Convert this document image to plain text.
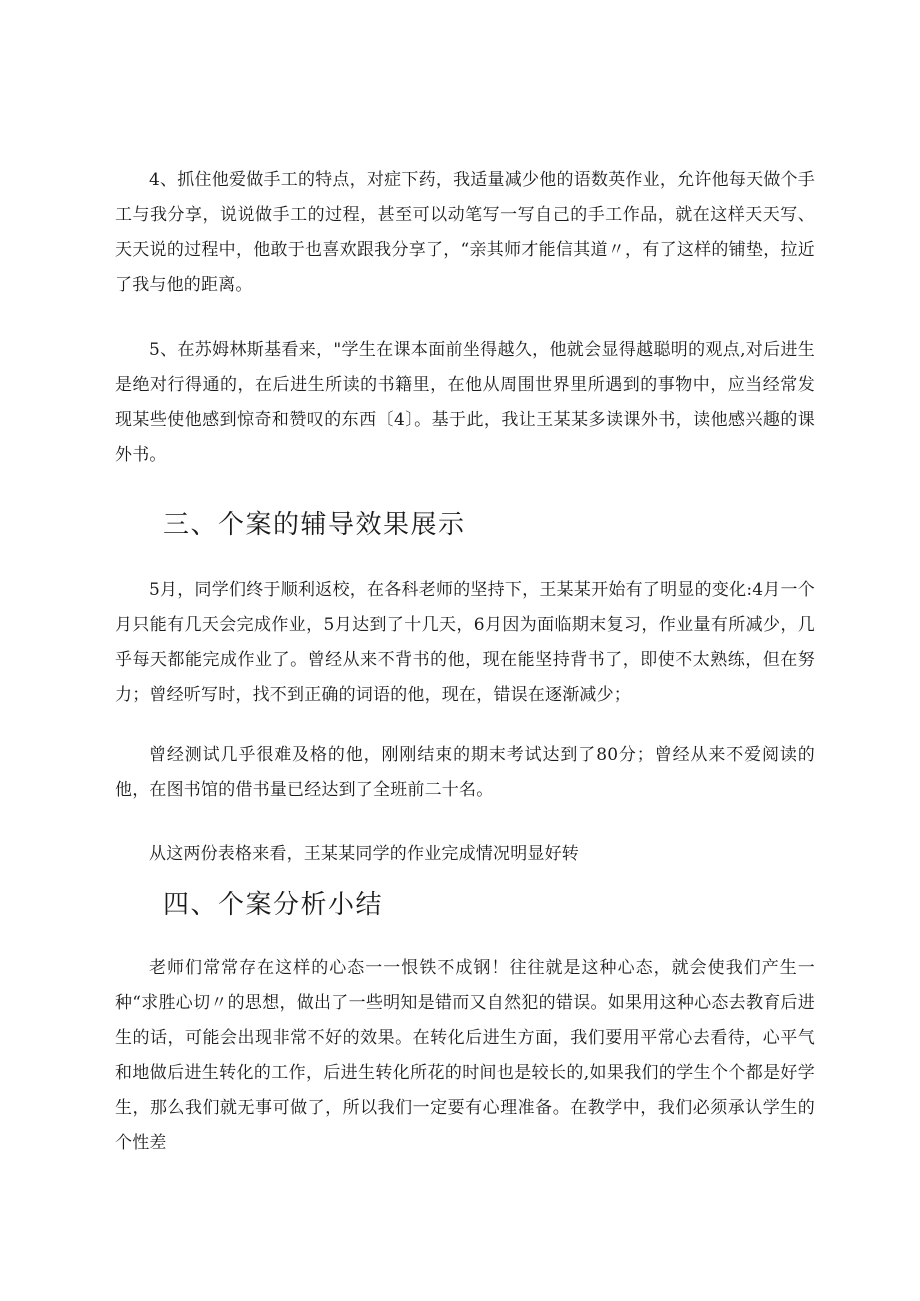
4、抓住他爱做手工的特点，对症下药，我适量减少他的语数英作业，允许他每天做个手工与我分享，说说做手工的过程，甚至可以动笔写一写自己的手工作品，就在这样天天写、天天说的过程中，他敢于也喜欢跟我分享了，“亲其师才能信其道〃，有了这样的铺垫，拉近了我与他的距离。

5、在苏姆林斯基看来，"学生在课本面前坐得越久，他就会显得越聪明的观点,对后进生是绝对行得通的，在后进生所读的书籍里，在他从周围世界里所遇到的事物中，应当经常发现某些使他感到惊奇和赞叹的东西〔4〕。基于此，我让王某某多读课外书，读他感兴趣的课外书。

三、个案的辅导效果展示

5月，同学们终于顺利返校，在各科老师的坚持下，王某某开始有了明显的变化:4月一个月只能有几天会完成作业，5月达到了十几天，6月因为面临期末复习，作业量有所减少，几乎每天都能完成作业了。曾经从来不背书的他，现在能坚持背书了，即使不太熟练，但在努力；曾经听写时，找不到正确的词语的他，现在，错误在逐渐减少；

曾经测试几乎很难及格的他，刚刚结束的期末考试达到了80分；曾经从来不爱阅读的他，在图书馆的借书量已经达到了全班前二十名。

从这两份表格来看，王某某同学的作业完成情况明显好转

四、个案分析小结

老师们常常存在这样的心态一一恨铁不成钢！往往就是这种心态，就会使我们产生一种“求胜心切〃的思想，做出了一些明知是错而又自然犯的错误。如果用这种心态去教育后进生的话，可能会出现非常不好的效果。在转化后进生方面，我们要用平常心去看待，心平气和地做后进生转化的工作，后进生转化所花的时间也是较长的,如果我们的学生个个都是好学生，那么我们就无事可做了，所以我们一定要有心理准备。在教学中，我们必须承认学生的个性差
